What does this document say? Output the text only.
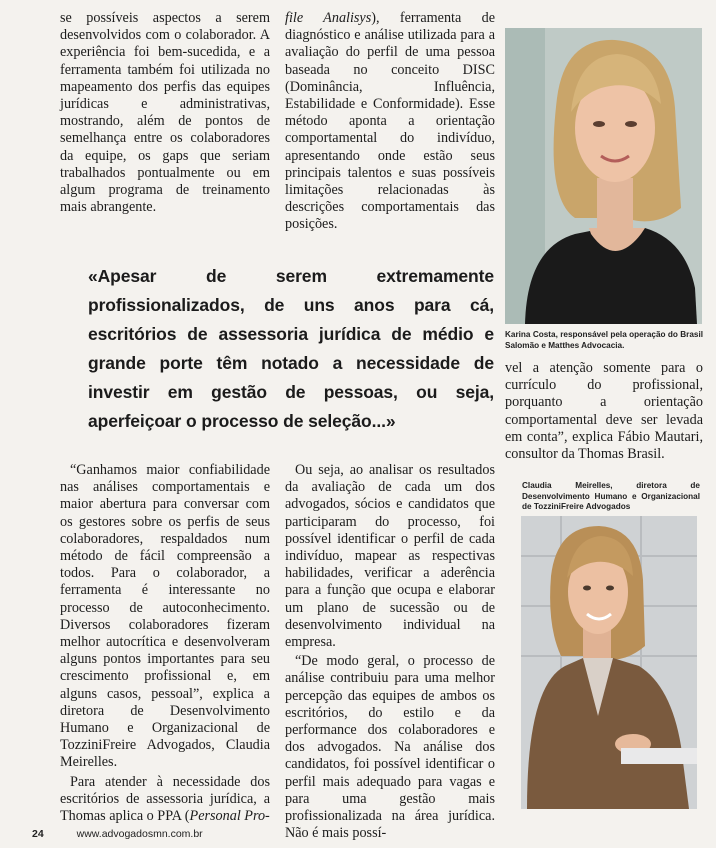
se possíveis aspectos a serem desenvolvidos com o colaborador. A experiência foi bem-sucedida, e a ferramenta também foi utilizada no mapeamento dos perfis das equipes jurídicas e administrativas, mostrando, além de pontos de semelhança entre os colaboradores da equipe, os gaps que seriam trabalhados pontualmente ou em algum programa de treinamento mais abrangente.

file Analisys), ferramenta de diagnóstico e análise utilizada para a avaliação do perfil de uma pessoa baseada no conceito DISC (Dominância, Influência, Estabilidade e Conformidade). Esse método aponta a orientação comportamental do indivíduo, apresentando onde estão seus principais talentos e suas possíveis limitações relacionadas às descrições comportamentais das posições.

«Apesar de serem extremamente profissionalizados, de uns anos para cá, escritórios de assessoria jurídica de médio e grande porte têm notado a necessidade de investir em gestão de pessoas, ou seja, aperfeiçoar o processo de seleção...»

“Ganhamos maior confiabilidade nas análises comportamentais e maior abertura para conversar com os gestores sobre os perfis de seus colaboradores, respaldados num método de fácil compreensão a todos. Para o colaborador, a ferramenta é interessante no processo de autoconhecimento. Diversos colaboradores fizeram melhor autocrítica e desenvolveram alguns pontos importantes para seu crescimento profissional e, em alguns casos, pessoal”, explica a diretora de Desenvolvimento Humano e Organizacional de TozziniFreire Advogados, Claudia Meirelles.

Para atender à necessidade dos escritórios de assessoria jurídica, a Thomas aplica o PPA (Personal Pro-

Ou seja, ao analisar os resultados da avaliação de cada um dos advogados, sócios e candidatos que participaram do processo, foi possível identificar o perfil de cada indivíduo, mapear as respectivas habilidades, verificar a aderência para a função que ocupa e elaborar um plano de sucessão ou de desenvolvimento individual na empresa.

“De modo geral, o processo de análise contribuiu para uma melhor percepção das equipes de ambos os escritórios, do estilo e da performance dos colaboradores e dos advogados. Na análise dos candidatos, foi possível identificar o perfil mais adequado para vagas e para uma gestão mais profissionalizada na área jurídica. Não é mais possí-

vel a atenção somente para o currículo do profissional, porquanto a orientação comportamental deve ser levada em conta”, explica Fábio Mautari, consultor da Thomas Brasil.

Karina Costa, responsável pela operação do Brasil Salomão e Matthes Advocacia.
Claudia Meirelles, diretora de Desenvolvimento Humano e Organizacional de TozziniFreire Advogados
24	www.advogadosmn.com.br
